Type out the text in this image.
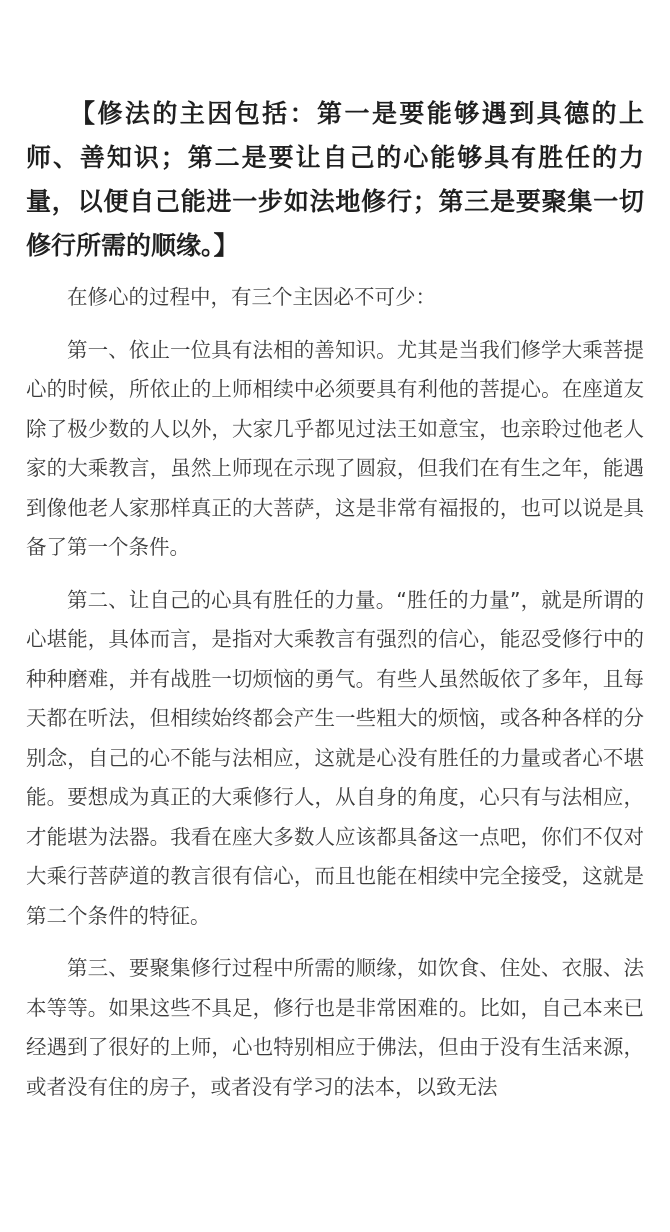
【修法的主因包括：第一是要能够遇到具德的上师、善知识；第二是要让自己的心能够具有胜任的力量，以便自己能进一步如法地修行；第三是要聚集一切修行所需的顺缘。】

在修心的过程中，有三个主因必不可少：

第一、依止一位具有法相的善知识。尤其是当我们修学大乘菩提心的时候，所依止的上师相续中必须要具有利他的菩提心。在座道友除了极少数的人以外，大家几乎都见过法王如意宝，也亲聆过他老人家的大乘教言，虽然上师现在示现了圆寂，但我们在有生之年，能遇到像他老人家那样真正的大菩萨，这是非常有福报的，也可以说是具备了第一个条件。

第二、让自己的心具有胜任的力量。“胜任的力量”，就是所谓的心堪能，具体而言，是指对大乘教言有强烈的信心，能忍受修行中的种种磨难，并有战胜一切烦恼的勇气。有些人虽然皈依了多年，且每天都在听法，但相续始终都会产生一些粗大的烦恼，或各种各样的分别念，自己的心不能与法相应，这就是心没有胜任的力量或者心不堪能。要想成为真正的大乘修行人，从自身的角度，心只有与法相应，才能堪为法器。我看在座大多数人应该都具备这一点吧，你们不仅对大乘行菩萨道的教言很有信心，而且也能在相续中完全接受，这就是第二个条件的特征。

第三、要聚集修行过程中所需的顺缘，如饮食、住处、衣服、法本等等。如果这些不具足，修行也是非常困难的。比如，自己本来已经遇到了很好的上师，心也特别相应于佛法，但由于没有生活来源，或者没有住的房子，或者没有学习的法本，以致无法
